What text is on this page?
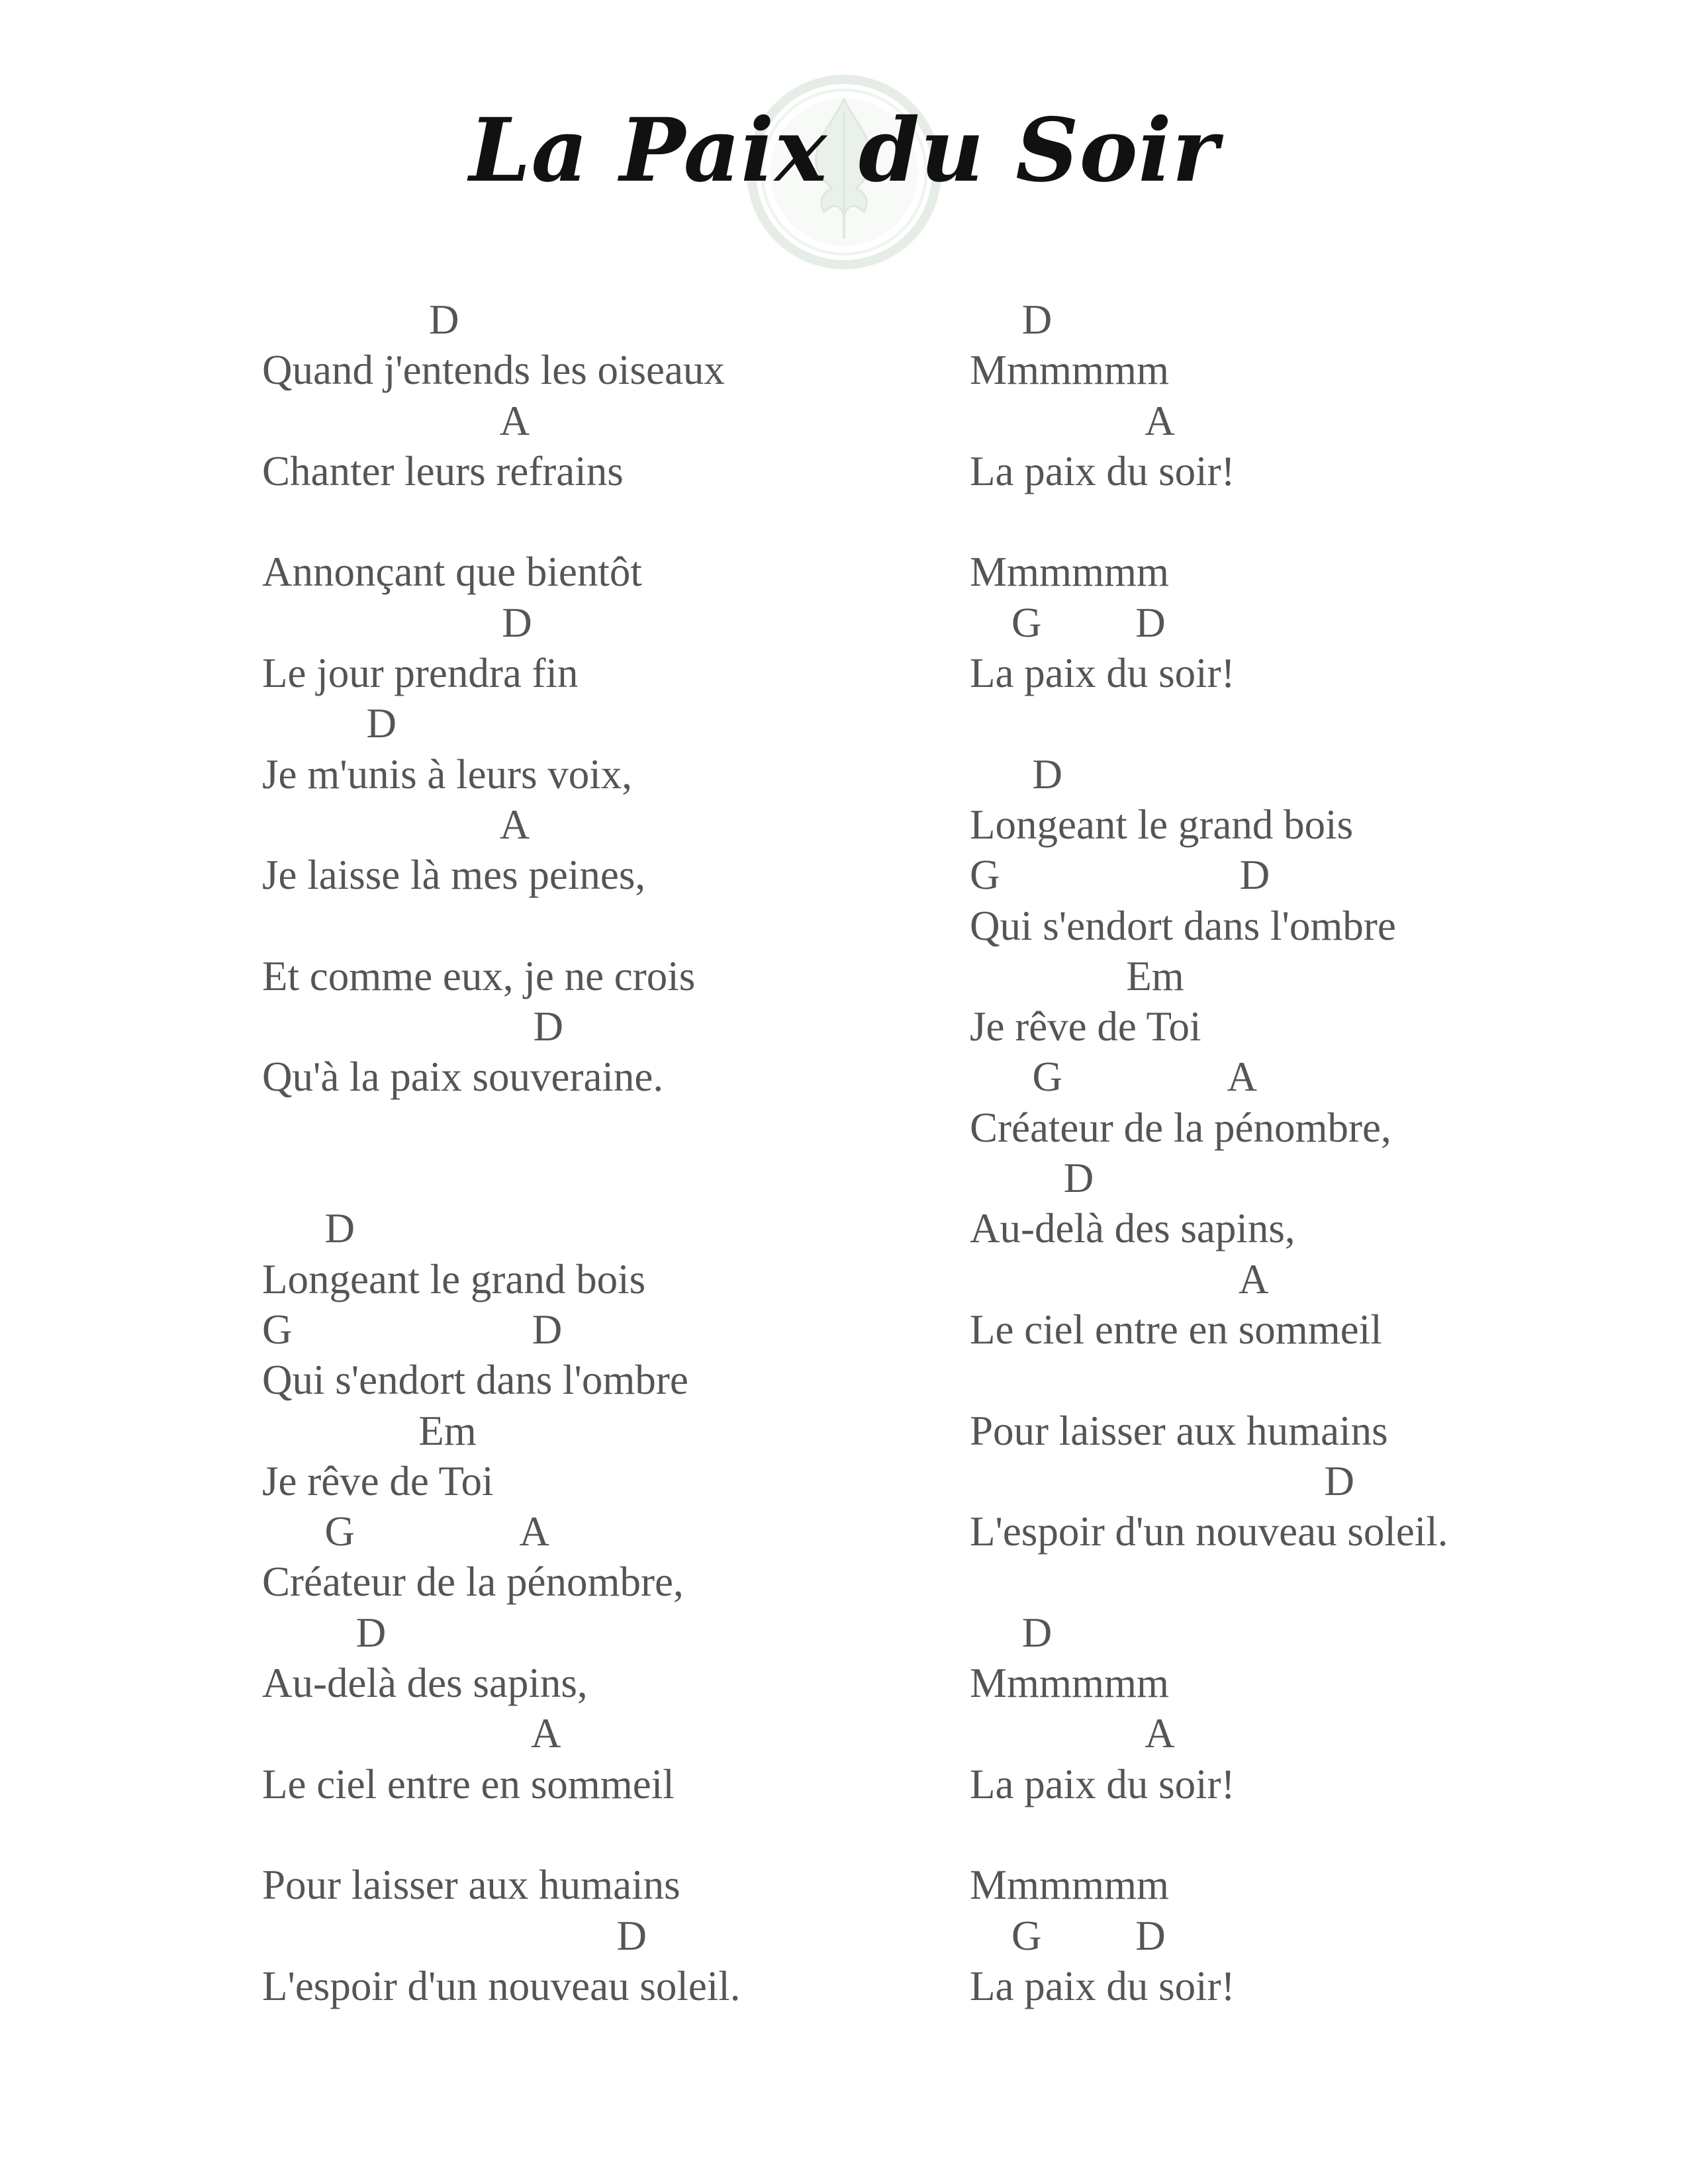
La Paix du Soir
D
Quand j'entends les oiseaux
A
Chanter leurs refrains
Annonçant que bientôt
D
Le jour prendra fin
D
Je m'unis à leurs voix,
A
Je laisse là mes peines,
Et comme eux, je ne crois
D
Qu'à la paix souveraine.
D
Longeant le grand bois
G                       D
Qui s'endort dans l'ombre
Em
Je rêve de Toi
G                A
Créateur de la pénombre,
D
Au-delà des sapins,
A
Le ciel entre en sommeil
Pour laisser aux humains
D
L'espoir d'un nouveau soleil.
D
Mmmmmm
A
La paix du soir!
Mmmmmm
G         D
La paix du soir!
D
Longeant le grand bois
G                       D
Qui s'endort dans l'ombre
Em
Je rêve de Toi
G                A
Créateur de la pénombre,
D
Au-delà des sapins,
A
Le ciel entre en sommeil
Pour laisser aux humains
D
L'espoir d'un nouveau soleil.
D
Mmmmmm
A
La paix du soir!
Mmmmmm
G         D
La paix du soir!
